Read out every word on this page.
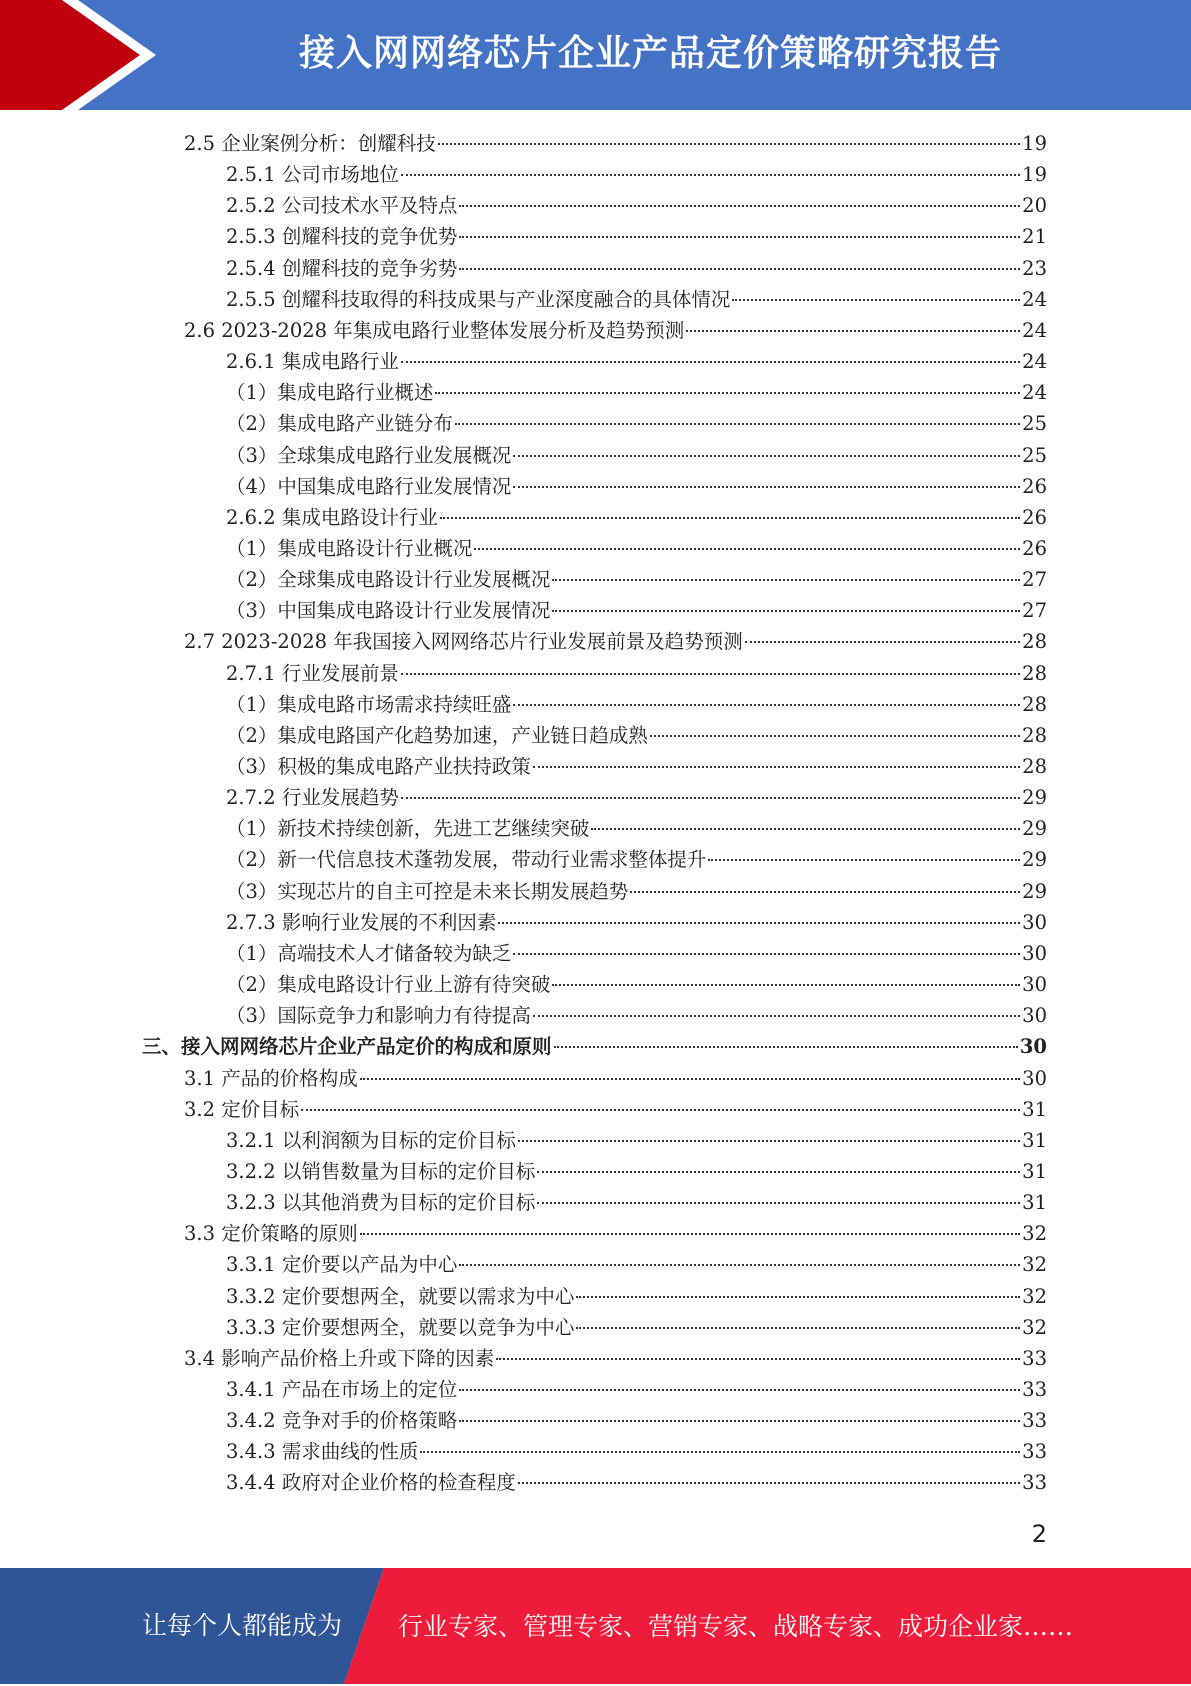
接入网网络芯片企业产品定价策略研究报告
2.5 企业案例分析：创耀科技	19
2.5.1 公司市场地位	19
2.5.2 公司技术水平及特点	20
2.5.3 创耀科技的竞争优势	21
2.5.4 创耀科技的竞争劣势	23
2.5.5 创耀科技取得的科技成果与产业深度融合的具体情况	24
2.6 2023-2028 年集成电路行业整体发展分析及趋势预测	24
2.6.1 集成电路行业	24
（1）集成电路行业概述	24
（2）集成电路产业链分布	25
（3）全球集成电路行业发展概况	25
（4）中国集成电路行业发展情况	26
2.6.2 集成电路设计行业	26
（1）集成电路设计行业概况	26
（2）全球集成电路设计行业发展概况	27
（3）中国集成电路设计行业发展情况	27
2.7 2023-2028 年我国接入网网络芯片行业发展前景及趋势预测	28
2.7.1 行业发展前景	28
（1）集成电路市场需求持续旺盛	28
（2）集成电路国产化趋势加速，产业链日趋成熟	28
（3）积极的集成电路产业扶持政策	28
2.7.2 行业发展趋势	29
（1）新技术持续创新，先进工艺继续突破	29
（2）新一代信息技术蓬勃发展，带动行业需求整体提升	29
（3）实现芯片的自主可控是未来长期发展趋势	29
2.7.3 影响行业发展的不利因素	30
（1）高端技术人才储备较为缺乏	30
（2）集成电路设计行业上游有待突破	30
（3）国际竞争力和影响力有待提高	30
三、接入网网络芯片企业产品定价的构成和原则	30
3.1 产品的价格构成	30
3.2 定价目标	31
3.2.1 以利润额为目标的定价目标	31
3.2.2 以销售数量为目标的定价目标	31
3.2.3 以其他消费为目标的定价目标	31
3.3 定价策略的原则	32
3.3.1 定价要以产品为中心	32
3.3.2 定价要想两全，就要以需求为中心	32
3.3.3 定价要想两全，就要以竞争为中心	32
3.4 影响产品价格上升或下降的因素	33
3.4.1 产品在市场上的定位	33
3.4.2 竞争对手的价格策略	33
3.4.3 需求曲线的性质	33
3.4.4 政府对企业价格的检查程度	33
2
让每个人都能成为 行业专家、管理专家、营销专家、战略专家、成功企业家……
